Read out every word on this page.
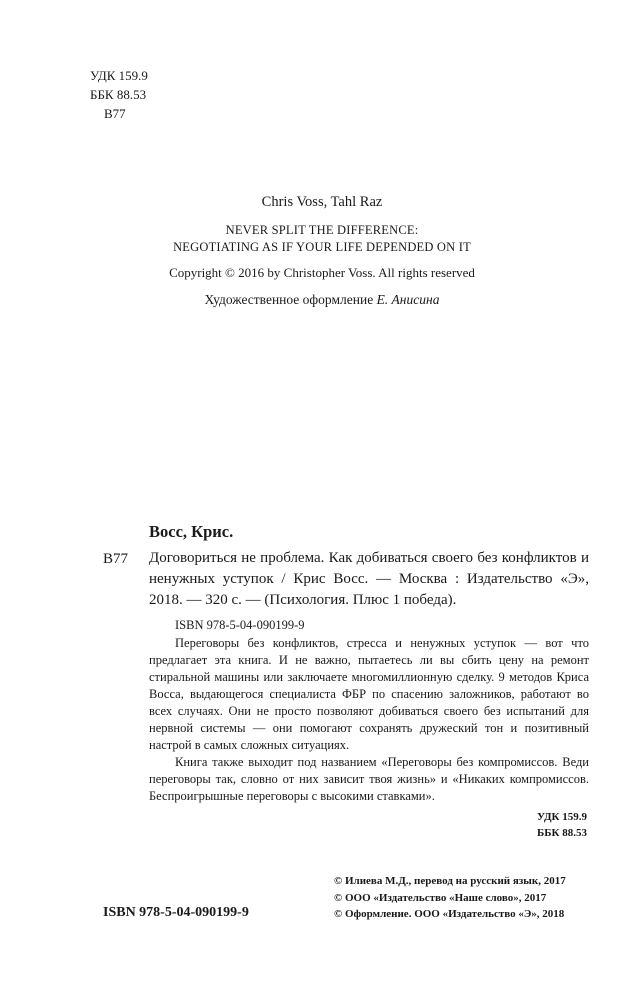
УДК 159.9
ББК 88.53
В77
Chris Voss, Tahl Raz
NEVER SPLIT THE DIFFERENCE:
NEGOTIATING AS IF YOUR LIFE DEPENDED ON IT
Copyright © 2016 by Christopher Voss. All rights reserved
Художественное оформление Е. Анисина
В77
Восс, Крис.
Договориться не проблема. Как добиваться своего без конфликтов и ненужных уступок / Крис Восс. — Москва : Издательство «Э», 2018. — 320 с. — (Психология. Плюс 1 победа).
ISBN 978-5-04-090199-9

Переговоры без конфликтов, стресса и ненужных уступок — вот что предлагает эта книга. И не важно, пытаетесь ли вы сбить цену на ремонт стиральной машины или заключаете многомиллионную сделку. 9 методов Криса Восса, выдающегося специалиста ФБР по спасению заложников, работают во всех случаях. Они не просто позволяют добиваться своего без испытаний для нервной системы — они помогают сохранять дружеский тон и позитивный настрой в самых сложных ситуациях.

Книга также выходит под названием «Переговоры без компромиссов. Веди переговоры так, словно от них зависит твоя жизнь» и «Никаких компромиссов. Беспроигрышные переговоры с высокими ставками».

УДК 159.9
ББК 88.53
ISBN 978-5-04-090199-9
© Илиева М.Д., перевод на русский язык, 2017
© ООО «Издательство «Наше слово», 2017
© Оформление. ООО «Издательство «Э», 2018
